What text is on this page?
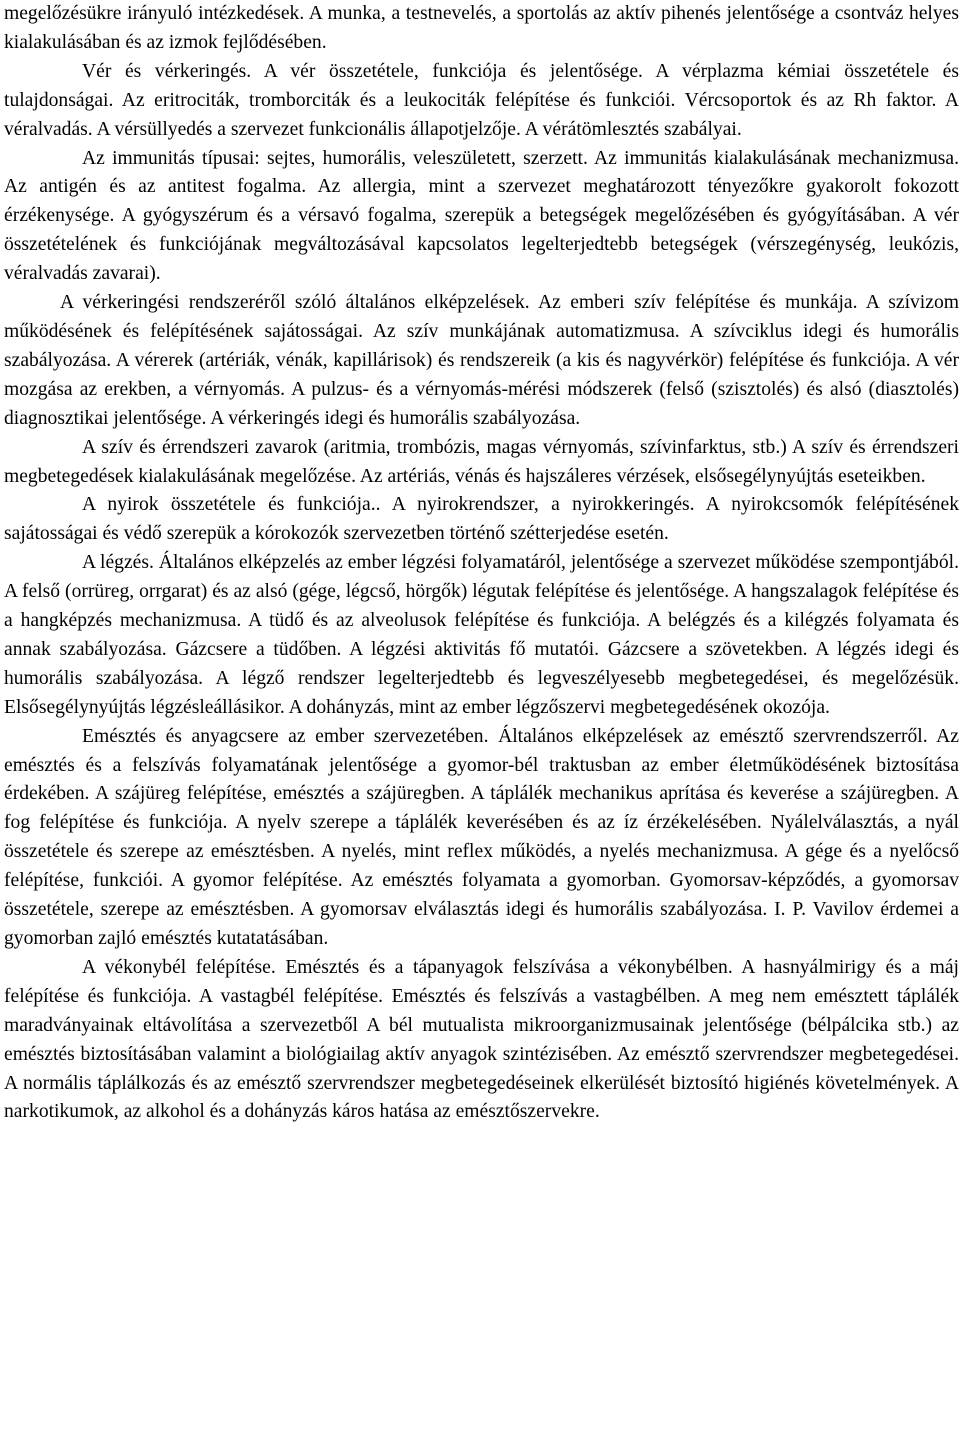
megelőzésükre irányuló intézkedések. A munka, a testnevelés, a sportolás az aktív pihenés jelentősége a csontváz helyes kialakulásában és az izmok fejlődésében.

Vér és vérkeringés. A vér összetétele, funkciója és jelentősége. A vérplazma kémiai összetétele és tulajdonságai. Az eritrociták, tromborciták és a leukociták felépítése és funkciói. Vércsoportok és az Rh faktor. A véralvadás. A vérsüllyedés a szervezet funkcionális állapotjelzője. A vérátömlesztés szabályai.

Az immunitás típusai: sejtes, humorális, veleszületett, szerzett. Az immunitás kialakulásának mechanizmusa. Az antigén és az antitest fogalma. Az allergia, mint a szervezet meghatározott tényezőkre gyakorolt fokozott érzékenysége. A gyógyszérum és a vérsavó fogalma, szerepük a betegségek megelőzésében és gyógyításában. A vér összetételének és funkciójának megváltozásával kapcsolatos legelterjedtebb betegségek (vérszegénység, leukózis, véralvadás zavarai).

A vérkeringési rendszeréről szóló általános elképzelések. Az emberi szív felépítése és munkája. A szívizom működésének és felépítésének sajátosságai. Az szív munkájának automatizmusa. A szívciklus idegi és humorális szabályozása. A vérerek (artériák, vénák, kapillárisok) és rendszereik (a kis és nagyvérkör) felépítése és funkciója. A vér mozgása az erekben, a vérnyomás. A pulzus- és a vérnyomás-mérési módszerek (felső (szisztolés) és alsó (diasztolés) diagnosztikai jelentősége. A vérkeringés idegi és humorális szabályozása.

A szív és érrendszeri zavarok (aritmia, trombózis, magas vérnyomás, szívinfarktus, stb.) A szív és érrendszeri megbetegedések kialakulásának megelőzése. Az artériás, vénás és hajszáleres vérzések, elsősegélynyújtás eseteikben.

A nyirok összetétele és funkciója.. A nyirokrendszer, a nyirokkeringés. A nyirokcsomók felépítésének sajátosságai és védő szerepük a kórokozók szervezetben történő szétterjedése esetén.

A légzés. Általános elképzelés az ember légzési folyamatáról, jelentősége a szervezet működése szempontjából. A felső (orrüreg, orrgarat) és az alsó (gége, légcső, hörgők) légutak felépítése és jelentősége. A hangszalagok felépítése és a hangképzés mechanizmusa. A tüdő és az alveolusok felépítése és funkciója. A belégzés és a kilégzés folyamata és annak szabályozása. Gázcsere a tüdőben. A légzési aktivitás fő mutatói. Gázcsere a szövetekben. A légzés idegi és humorális szabályozása. A légző rendszer legelterjedtebb és legveszélyesebb megbetegedései, és megelőzésük. Elsősegélynyújtás légzésleállásikor. A dohányzás, mint az ember légzőszervi megbetegedésének okozója.

Emésztés és anyagcsere az ember szervezetében. Általános elképzelések az emésztő szervrendszerről. Az emésztés és a felszívás folyamatának jelentősége a gyomor-bél traktusban az ember életműködésének biztosítása érdekében. A szájüreg felépítése, emésztés a szájüregben. A táplálék mechanikus aprítása és keverése a szájüregben. A fog felépítése és funkciója. A nyelv szerepe a táplálék keverésében és az íz érzékelésében. Nyálelválasztás, a nyál összetétele és szerepe az emésztésben. A nyelés, mint reflex működés, a nyelés mechanizmusa. A gége és a nyelőcső felépítése, funkciói. A gyomor felépítése. Az emésztés folyamata a gyomorban. Gyomorsav-képződés, a gyomorsav összetétele, szerepe az emésztésben. A gyomorsav elválasztás idegi és humorális szabályozása. I. P. Vavilov érdemei a gyomorban zajló emésztés kutatatásában.

A vékonybél felépítése. Emésztés és a tápanyagok felszívása a vékonybélben. A hasnyálmirigy és a máj felépítése és funkciója. A vastagbél felépítése. Emésztés és felszívás a vastagbélben. A meg nem emésztett táplálék maradványainak eltávolítása a szervezetből A bél mutualista mikroorganizmusainak jelentősége (bélpálcika stb.) az emésztés biztosításában valamint a biológiailag aktív anyagok szintézisében. Az emésztő szervrendszer megbetegedései. A normális táplálkozás és az emésztő szervrendszer megbetegedéseinek elkerülését biztosító higiénés követelmények. A narkotikumok, az alkohol és a dohányzás káros hatása az emésztőszervekre.
